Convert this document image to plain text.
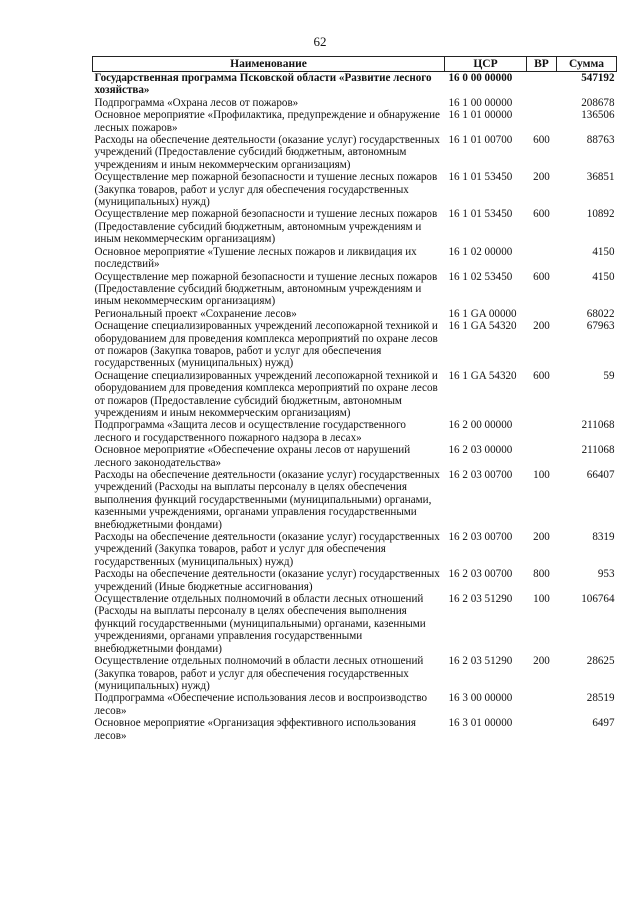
62
Наименование	ЦСР	ВР	Сумма
Государственная программа Псковской области «Развитие лесного хозяйства»	16 0 00 00000		547192
Подпрограмма «Охрана лесов от пожаров»	16 1 00 00000		208678
Основное мероприятие «Профилактика, предупреждение и обнаружение лесных пожаров»	16 1 01 00000		136506
Расходы на обеспечение деятельности (оказание услуг) государственных учреждений (Предоставление субсидий бюджетным, автономным учреждениям и иным некоммерческим организациям)	16 1 01 00700	600	88763
Осуществление мер пожарной безопасности и тушение лесных пожаров (Закупка товаров, работ и услуг для обеспечения государственных (муниципальных) нужд)	16 1 01 53450	200	36851
Осуществление мер пожарной безопасности и тушение лесных пожаров (Предоставление субсидий бюджетным, автономным учреждениям и иным некоммерческим организациям)	16 1 01 53450	600	10892
Основное мероприятие «Тушение лесных пожаров и ликвидация их последствий»	16 1 02 00000		4150
Осуществление мер пожарной безопасности и тушение лесных пожаров (Предоставление субсидий бюджетным, автономным учреждениям и иным некоммерческим организациям)	16 1 02 53450	600	4150
Региональный проект «Сохранение лесов»	16 1 GA 00000		68022
Оснащение специализированных учреждений лесопожарной техникой и оборудованием для проведения комплекса мероприятий по охране лесов от пожаров (Закупка товаров, работ и услуг для обеспечения государственных (муниципальных) нужд)	16 1 GA 54320	200	67963
Оснащение специализированных учреждений лесопожарной техникой и оборудованием для проведения комплекса мероприятий по охране лесов от пожаров (Предоставление субсидий бюджетным, автономным учреждениям и иным некоммерческим организациям)	16 1 GA 54320	600	59
Подпрограмма «Защита лесов и осуществление государственного лесного и государственного пожарного надзора в лесах»	16 2 00 00000		211068
Основное мероприятие «Обеспечение охраны лесов от нарушений лесного законодательства»	16 2 03 00000		211068
Расходы на обеспечение деятельности (оказание услуг) государственных учреждений (Расходы на выплаты персоналу в целях обеспечения выполнения функций государственными (муниципальными) органами, казенными учреждениями, органами управления государственными внебюджетными фондами)	16 2 03 00700	100	66407
Расходы на обеспечение деятельности (оказание услуг) государственных учреждений (Закупка товаров, работ и услуг для обеспечения государственных (муниципальных) нужд)	16 2 03 00700	200	8319
Расходы на обеспечение деятельности (оказание услуг) государственных учреждений (Иные бюджетные ассигнования)	16 2 03 00700	800	953
Осуществление отдельных полномочий в области лесных отношений (Расходы на выплаты персоналу в целях обеспечения выполнения функций государственными (муниципальными) органами, казенными учреждениями, органами управления государственными внебюджетными фондами)	16 2 03 51290	100	106764
Осуществление отдельных полномочий в области лесных отношений (Закупка товаров, работ и услуг для обеспечения государственных (муниципальных) нужд)	16 2 03 51290	200	28625
Подпрограмма «Обеспечение использования лесов и воспроизводство лесов»	16 3 00 00000		28519
Основное мероприятие «Организация эффективного использования лесов»	16 3 01 00000		6497
